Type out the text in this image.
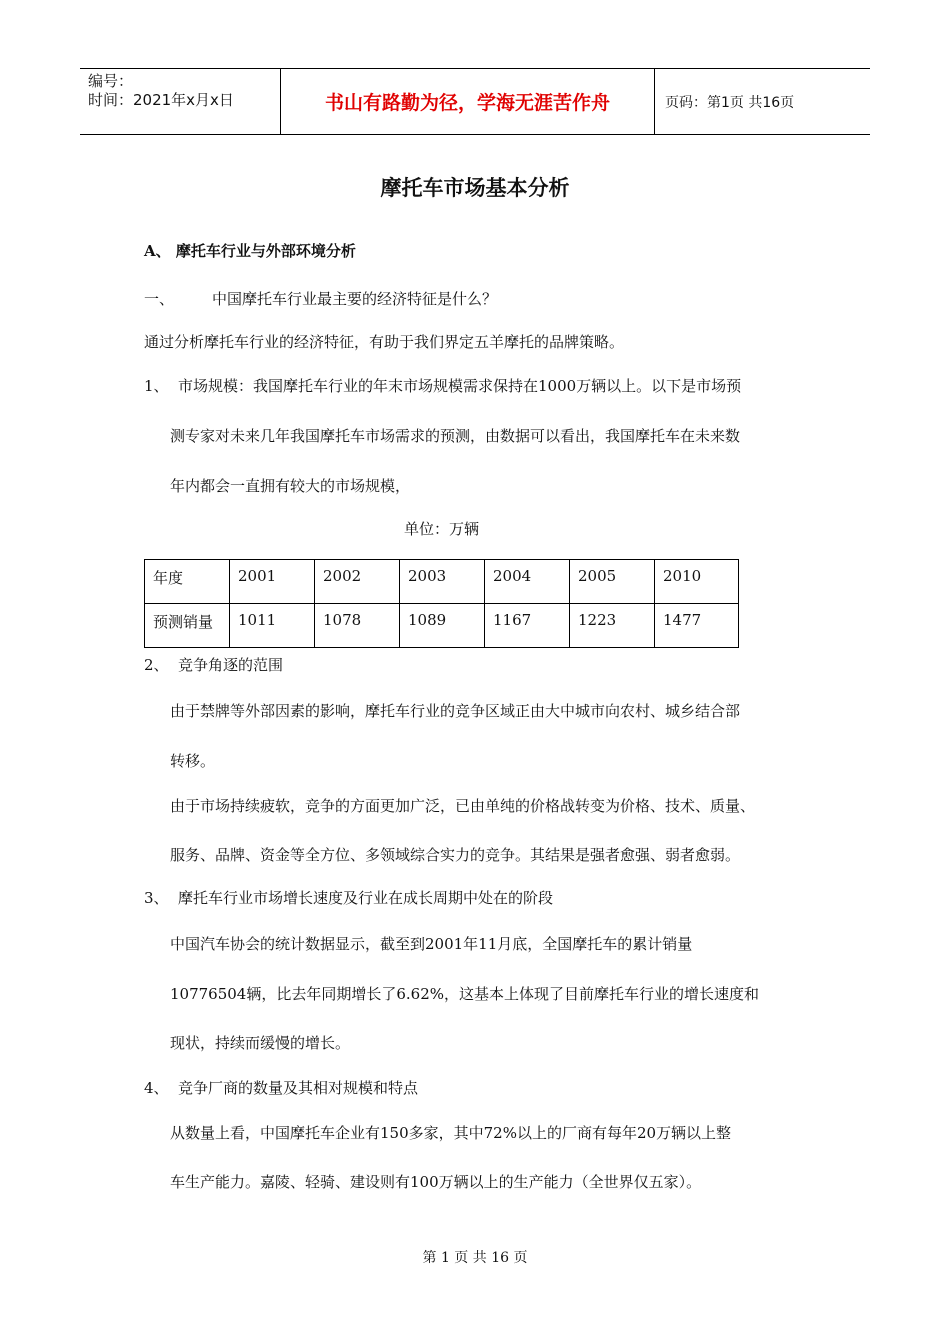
编号：
时间：2021年x月x日	书山有路勤为径，学海无涯苦作舟	页码：第1页 共16页
摩托车市场基本分析
A、 摩托车行业与外部环境分析
一、	中国摩托车行业最主要的经济特征是什么？
通过分析摩托车行业的经济特征，有助于我们界定五羊摩托的品牌策略。
1、 市场规模：我国摩托车行业的年末市场规模需求保持在1000万辆以上。以下是市场预
测专家对未来几年我国摩托车市场需求的预测，由数据可以看出，我国摩托车在未来数
年内都会一直拥有较大的市场规模，
单位：万辆
年度	2001	2002	2003	2004	2005	2010
预测销量	1011	1078	1089	1167	1223	1477
2、 竞争角逐的范围
由于禁牌等外部因素的影响，摩托车行业的竞争区域正由大中城市向农村、城乡结合部
转移。
由于市场持续疲软，竞争的方面更加广泛，已由单纯的价格战转变为价格、技术、质量、
服务、品牌、资金等全方位、多领域综合实力的竞争。其结果是强者愈强、弱者愈弱。
3、 摩托车行业市场增长速度及行业在成长周期中处在的阶段
中国汽车协会的统计数据显示，截至到2001年11月底，全国摩托车的累计销量
10776504辆，比去年同期增长了6.62%，这基本上体现了目前摩托车行业的增长速度和
现状，持续而缓慢的增长。
4、 竞争厂商的数量及其相对规模和特点
从数量上看，中国摩托车企业有150多家，其中72%以上的厂商有每年20万辆以上整
车生产能力。嘉陵、轻骑、建设则有100万辆以上的生产能力（全世界仅五家）。
第 1 页 共 16 页
